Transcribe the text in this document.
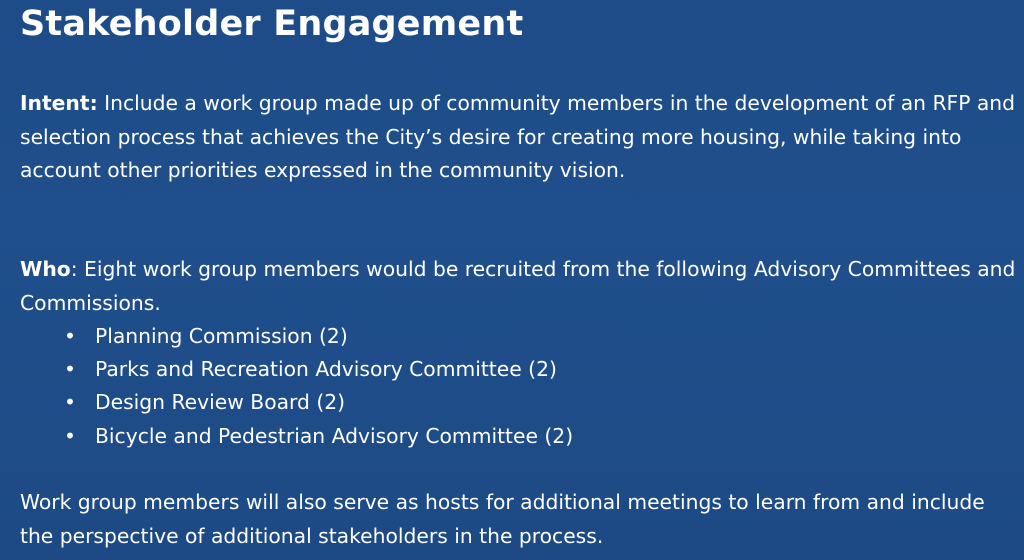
Stakeholder Engagement

Intent: Include a work group made up of community members in the development of an RFP and selection process that achieves the City’s desire for creating more housing, while taking into account other priorities expressed in the community vision.

Who: Eight work group members would be recruited from the following Advisory Committees and Commissions.

• Planning Commission (2)
• Parks and Recreation Advisory Committee (2)
• Design Review Board (2)
• Bicycle and Pedestrian Advisory Committee (2)

Work group members will also serve as hosts for additional meetings to learn from and include the perspective of additional stakeholders in the process.
